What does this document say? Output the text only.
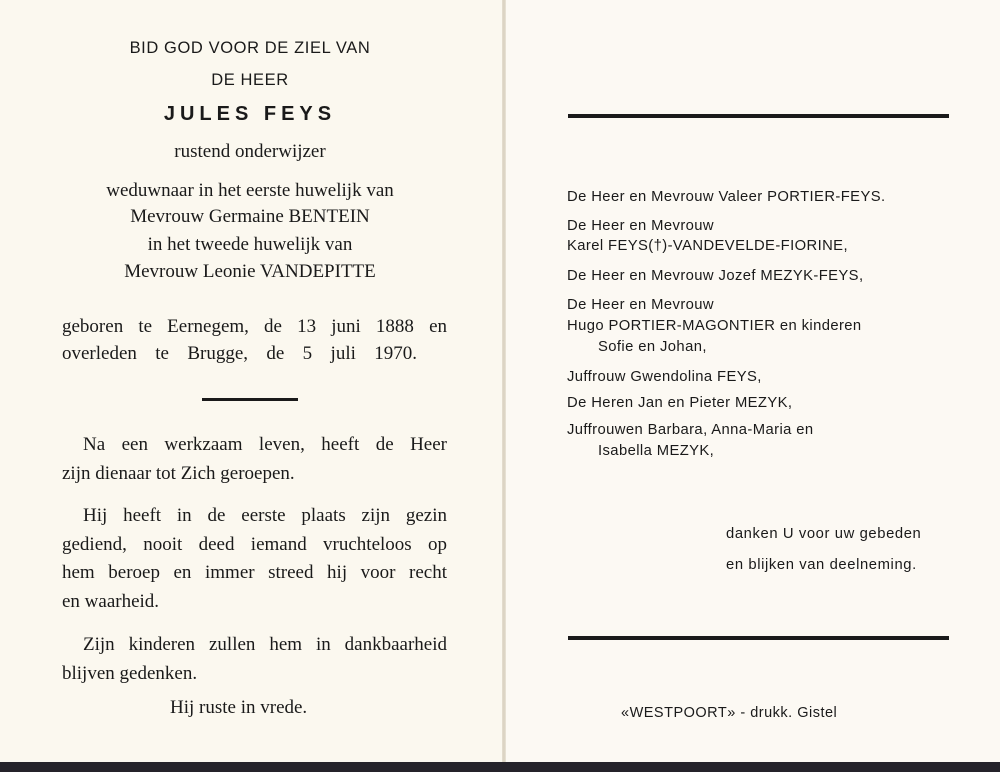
BID GOD VOOR DE ZIEL VAN
DE HEER
JULES FEYS
rustend onderwijzer
weduwnaar in het eerste huwelijk van
Mevrouw Germaine BENTEIN
in het tweede huwelijk van
Mevrouw Leonie VANDEPITTE
geboren te Eernegem, de 13 juni 1888 en
overleden te Brugge, de 5 juli 1970.
Na een werkzaam leven, heeft de Heer
zijn dienaar tot Zich geroepen.
Hij heeft in de eerste plaats zijn gezin
gediend, nooit deed iemand vruchteloos op
hem beroep en immer streed hij voor recht
en waarheid.
Zijn kinderen zullen hem in dankbaarheid
blijven gedenken.
Hij ruste in vrede.
De Heer en Mevrouw Valeer PORTIER-FEYS.
De Heer en Mevrouw
Karel FEYS(†)-VANDEVELDE-FIORINE,
De Heer en Mevrouw Jozef MEZYK-FEYS,
De Heer en Mevrouw
Hugo PORTIER-MAGONTIER en kinderen
Sofie en Johan,
Juffrouw Gwendolina FEYS,
De Heren Jan en Pieter MEZYK,
Juffrouwen Barbara, Anna-Maria en
Isabella MEZYK,
danken U voor uw gebeden
en blijken van deelneming.
«WESTPOORT» - drukk. Gistel
